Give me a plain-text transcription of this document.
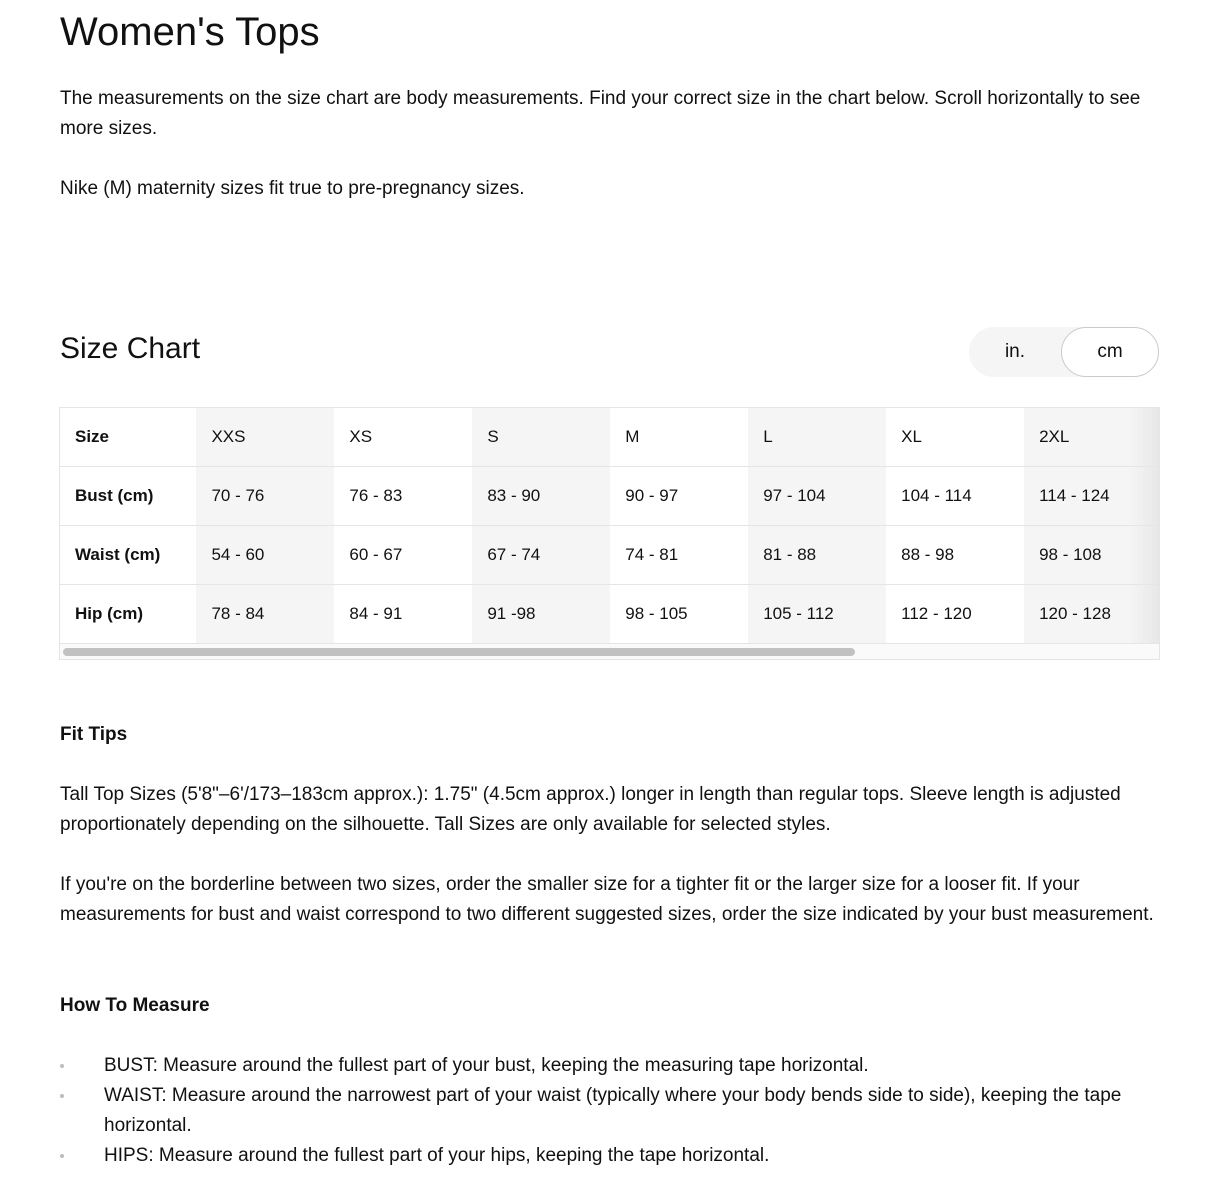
Women's Tops

The measurements on the size chart are body measurements. Find your correct size in the chart below. Scroll horizontally to see more sizes.

Nike (M) maternity sizes fit true to pre-pregnancy sizes.

Size Chart	in.	cm
Size	XXS	XS	S	M	L	XL	2XL	
Bust (cm)	70 - 76	76 - 83	83 - 90	90 - 97	97 - 104	104 - 114	114 - 124	
Waist (cm)	54 - 60	60 - 67	67 - 74	74 - 81	81 - 88	88 - 98	98 - 108	
Hip (cm)	78 - 84	84 - 91	91 -98	98 - 105	105 - 112	112 - 120	120 - 128	
Fit Tips

Tall Top Sizes (5'8"–6'/173–183cm approx.): 1.75" (4.5cm approx.) longer in length than regular tops. Sleeve length is adjusted proportionately depending on the silhouette. Tall Sizes are only available for selected styles.

If you're on the borderline between two sizes, order the smaller size for a tighter fit or the larger size for a looser fit. If your measurements for bust and waist correspond to two different suggested sizes, order the size indicated by your bust measurement.

How To Measure
BUST: Measure around the fullest part of your bust, keeping the measuring tape horizontal.
WAIST: Measure around the narrowest part of your waist (typically where your body bends side to side), keeping the tape horizontal.
HIPS: Measure around the fullest part of your hips, keeping the tape horizontal.
